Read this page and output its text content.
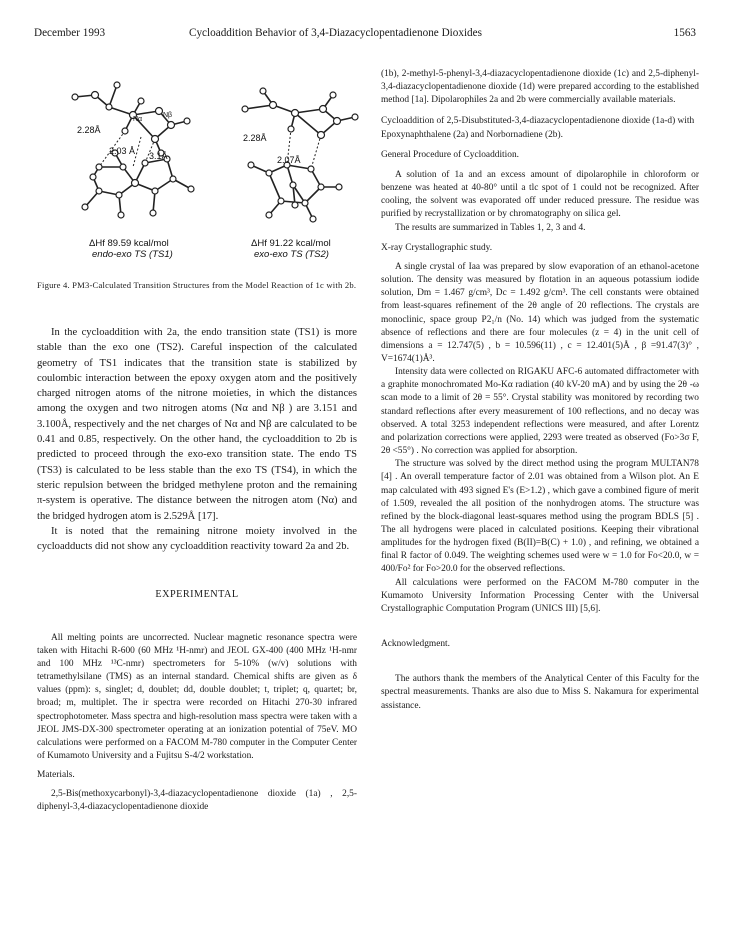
December 1993	Cycloaddition Behavior of 3,4-Diazacyclopentadienone Dioxides	1563
2.28Å
2.03 Å 3.1Å
2.28Å
2.07Å
Nα
Nβ
ΔHf 89.59 kcal/mol
endo-exo TS (TS1)
ΔHf 91.22 kcal/mol
exo-exo TS (TS2)
Figure 4. PM3-Calculated Transition Structures from the Model Reaction of 1c with 2b.

In the cycloaddition with 2a, the endo transition state (TS1) is more stable than the exo one (TS2). Careful inspection of the calculated geometry of TS1 indicates that the transition state is stabilized by coulombic interaction between the epoxy oxygen atom and the positively charged nitrogen atoms of the nitrone moieties, in which the distances among the oxygen and two nitrogen atoms (Nα and Nβ ) are 3.151 and 3.100Å, respectively and the net charges of Nα and Nβ are calculated to be 0.41 and 0.85, respectively. On the other hand, the cycloaddition to 2b is predicted to proceed through the exo-exo transition state. The endo TS (TS3) is calculated to be less stable than the exo TS (TS4), in which the steric repulsion between the bridged methylene proton and the remaining π-system is operative. The distance between the nitrogen atom (Nα) and the bridged hydrogen atom is 2.529Å [17].

It is noted that the remaining nitrone moiety involved in the cycloadducts did not show any cycloaddition reactivity toward 2a and 2b.

EXPERIMENTAL

All melting points are uncorrected. Nuclear magnetic resonance spectra were taken with Hitachi R-600 (60 MHz ¹H-nmr) and JEOL GX-400 (400 MHz ¹H-nmr and 100 MHz ¹³C-nmr) spectrometers for 5-10% (w/v) solutions with tetramethylsilane (TMS) as an internal standard. Chemical shifts are given as δ values (ppm): s, singlet; d, doublet; dd, double doublet; t, triplet; q, quartet; br, broad; m, multiplet. The ir spectra were recorded on Hitachi 270-30 infrared spectrophotometer. Mass spectra and high-resolution mass spectra were taken with a JEOL JMS-DX-300 spectrometer operating at an ionization potential of 75eV. MO calculations were performed on a FACOM M-780 computer in the Computer Center of Kumamoto University and a Fujitsu S-4/2 workstation.

Materials.

2,5-Bis(methoxycarbonyl)-3,4-diazacyclopentadienone dioxide (1a) , 2,5-diphenyl-3,4-diazacyclopentadienone dioxide

(1b), 2-methyl-5-phenyl-3,4-diazacyclopentadienone dioxide (1c) and 2,5-diphenyl-3,4-diazacyclopentadienone dioxide (1d) were prepared according to the established method [1a]. Dipolarophiles 2a and 2b were commercially available materials.

Cycloaddition of 2,5-Disubstituted-3,4-diazacyclopentadienone dioxide (1a-d) with Epoxynaphthalene (2a) and Norbornadiene (2b).

General Procedure of Cycloaddition.

A solution of 1a and an excess amount of dipolarophile in chloroform or benzene was heated at 40-80° until a tlc spot of 1 could not be recognized. After cooling, the solvent was evaporated off under reduced pressure. The residue was purified by recrystallization or by chromatography on silica gel.

The results are summarized in Tables 1, 2, 3 and 4.

X-ray Crystallographic study.

A single crystal of Iaa was prepared by slow evaporation of an ethanol-acetone solution. The density was measured by flotation in an aqueous potassium iodide solution, Dm = 1.467 g/cm³, Dc = 1.492 g/cm³. The cell constants were obtained from least-squares refinement of the 2θ angle of 20 reflections. The crystals are monoclinic, space group P2₁/n (No. 14) which was judged from the systematic absence of reflections and there are four molecules (z = 4) in the unit cell of dimensions a = 12.747(5) , b = 10.596(11) , c = 12.401(5)Å , β =91.47(3)° , V=1674(1)Å³.

Intensity data were collected on RIGAKU AFC-6 automated diffractometer with a graphite monochromated Mo-Kα radiation (40 kV-20 mA) and by using the 2θ -ω scan mode to a limit of 2θ = 55°. Crystal stability was monitored by recording two standard reflections after every measurement of 100 reflections, and no decay was observed. A total 3253 independent reflections were measured, and after Lorentz and polarization corrections were applied, 2293 were treated as observed (Fo>3σ F, 2θ <55°) . No correction was applied for absorption.

The structure was solved by the direct method using the program MULTAN78 [4] . An overall temperature factor of 2.01 was obtained from a Wilson plot. An E map calculated with 493 signed E's (E>1.2) , which gave a combined figure of merit of 1.509, revealed the all position of the nonhydrogen atoms. The structure was refined by the block-diagonal least-squares method using the program BDLS [5] . The all hydrogens were placed in calculated positions. Keeping their vibrational amplitudes for the hydrogen fixed (B(II)=B(C) + 1.0) , and refining, we obtained a final R factor of 0.049. The weighting schemes used were w = 1.0 for Fo<20.0, w = 400/Fo² for Fo>20.0 for the observed reflections.

All calculations were performed on the FACOM M-780 computer in the Kumamoto University Information Processing Center with the Universal Crystallographic Computation Program (UNICS III) [5,6].

Acknowledgment.

The authors thank the members of the Analytical Center of this Faculty for the spectral measurements. Thanks are also due to Miss S. Nakamura for experimental assistance.
